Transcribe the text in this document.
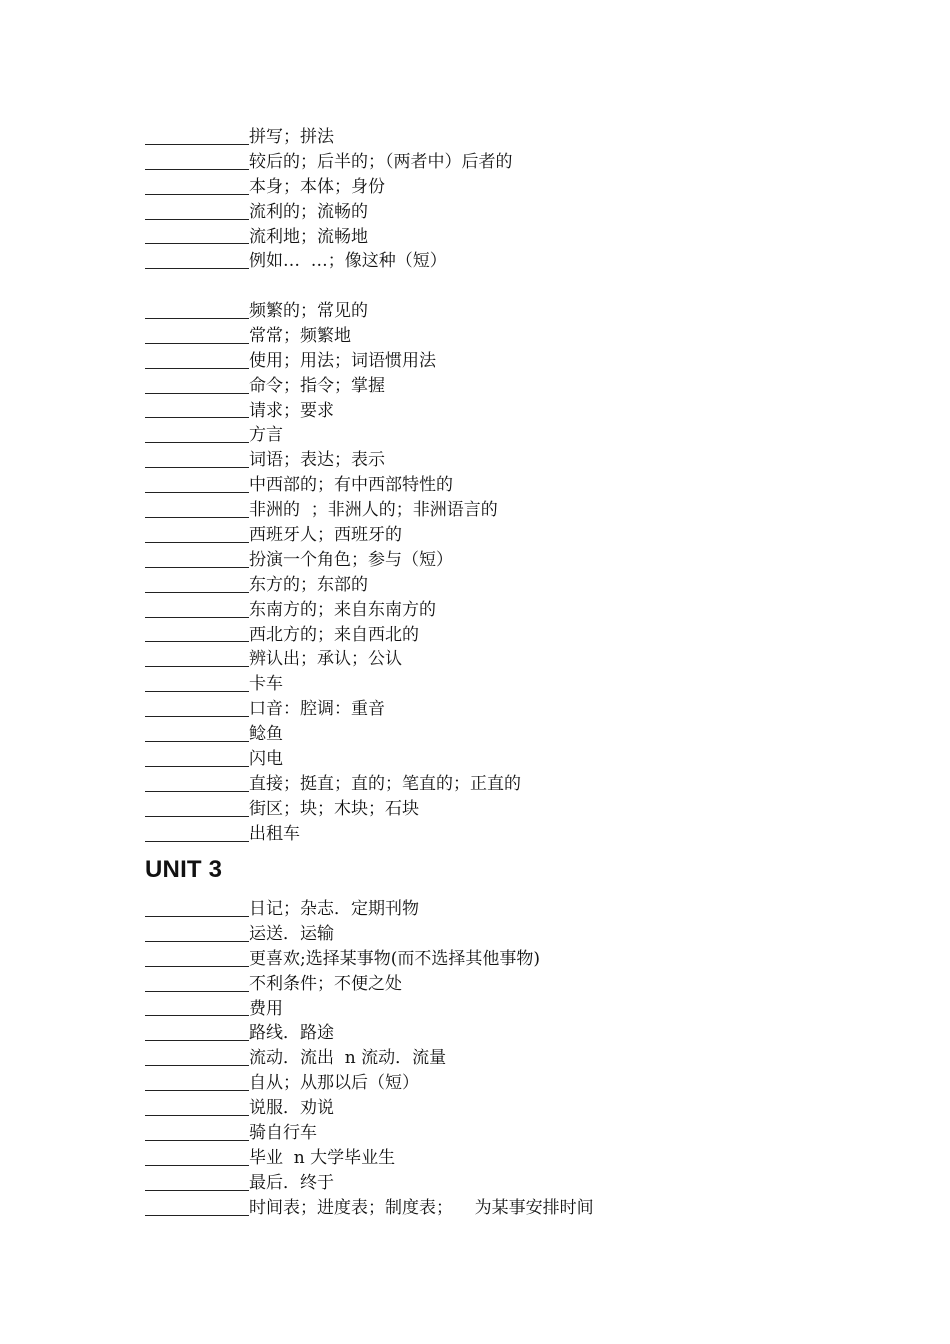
拼写；拼法
较后的；后半的；（两者中）后者的
本身；本体；身份
流利的；流畅的
流利地；流畅地
例如…  …；像这种（短）
频繁的；常见的
常常；频繁地
使用；用法；词语惯用法
命令；指令；掌握
请求；要求
方言
词语；表达；表示
中西部的；有中西部特性的
非洲的  ；非洲人的；非洲语言的
西班牙人；西班牙的
扮演一个角色；参与（短）
东方的；东部的
东南方的；来自东南方的
西北方的；来自西北的
辨认出；承认；公认
卡车
口音：腔调：重音
鲶鱼
闪电
直接；挺直；直的；笔直的；正直的
街区；块；木块；石块
出租车
UNIT 3
日记；杂志．定期刊物
运送．运输
更喜欢;选择某事物(而不选择其他事物)
不利条件；不便之处
费用
路线．路途
流动．流出  n 流动．流量
自从；从那以后（短）
说服．劝说
骑自行车
毕业  n 大学毕业生
最后．终于
时间表；进度表；制度表；    为某事安排时间
